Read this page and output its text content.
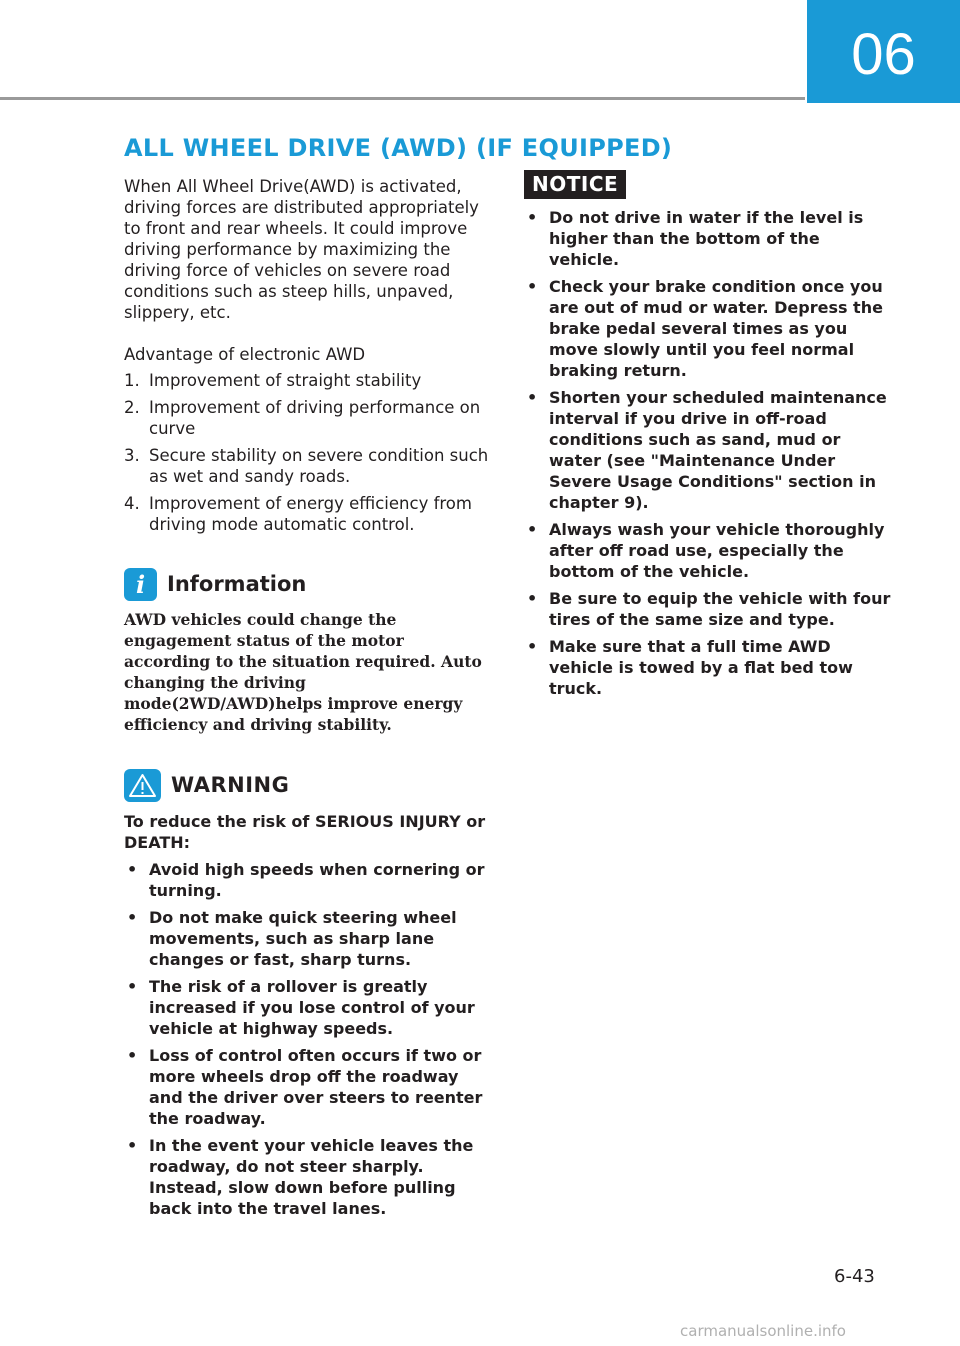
06
ALL WHEEL DRIVE (AWD) (IF EQUIPPED)

When All Wheel Drive(AWD) is activated, driving forces are distributed appropriately to front and rear wheels. It could improve driving performance by maximizing the driving force of vehicles on severe road conditions such as steep hills, unpaved, slippery, etc.

Advantage of electronic AWD

1. Improvement of straight stability
2. Improvement of driving performance on curve
3. Secure stability on severe condition such as wet and sandy roads.
4. Improvement of energy efficiency from driving mode automatic control.
i	Information
AWD vehicles could change the engagement status of the motor according to the situation required. Auto changing the driving mode(2WD/AWD)helps improve energy efficiency and driving stability.
WARNING
To reduce the risk of SERIOUS INJURY or DEATH:
• Avoid high speeds when cornering or turning.
• Do not make quick steering wheel movements, such as sharp lane changes or fast, sharp turns.
• The risk of a rollover is greatly increased if you lose control of your vehicle at highway speeds.
• Loss of control often occurs if two or more wheels drop off the roadway and the driver over steers to reenter the roadway.
• In the event your vehicle leaves the roadway, do not steer sharply. Instead, slow down before pulling back into the travel lanes.
NOTICE
• Do not drive in water if the level is higher than the bottom of the vehicle.
• Check your brake condition once you are out of mud or water. Depress the brake pedal several times as you move slowly until you feel normal braking return.
• Shorten your scheduled maintenance interval if you drive in off-road conditions such as sand, mud or water (see "Maintenance Under Severe Usage Conditions" section in chapter 9).
• Always wash your vehicle thoroughly after off road use, especially the bottom of the vehicle.
• Be sure to equip the vehicle with four tires of the same size and type.
• Make sure that a full time AWD vehicle is towed by a flat bed tow truck.
6-43
carmanualsonline.info
